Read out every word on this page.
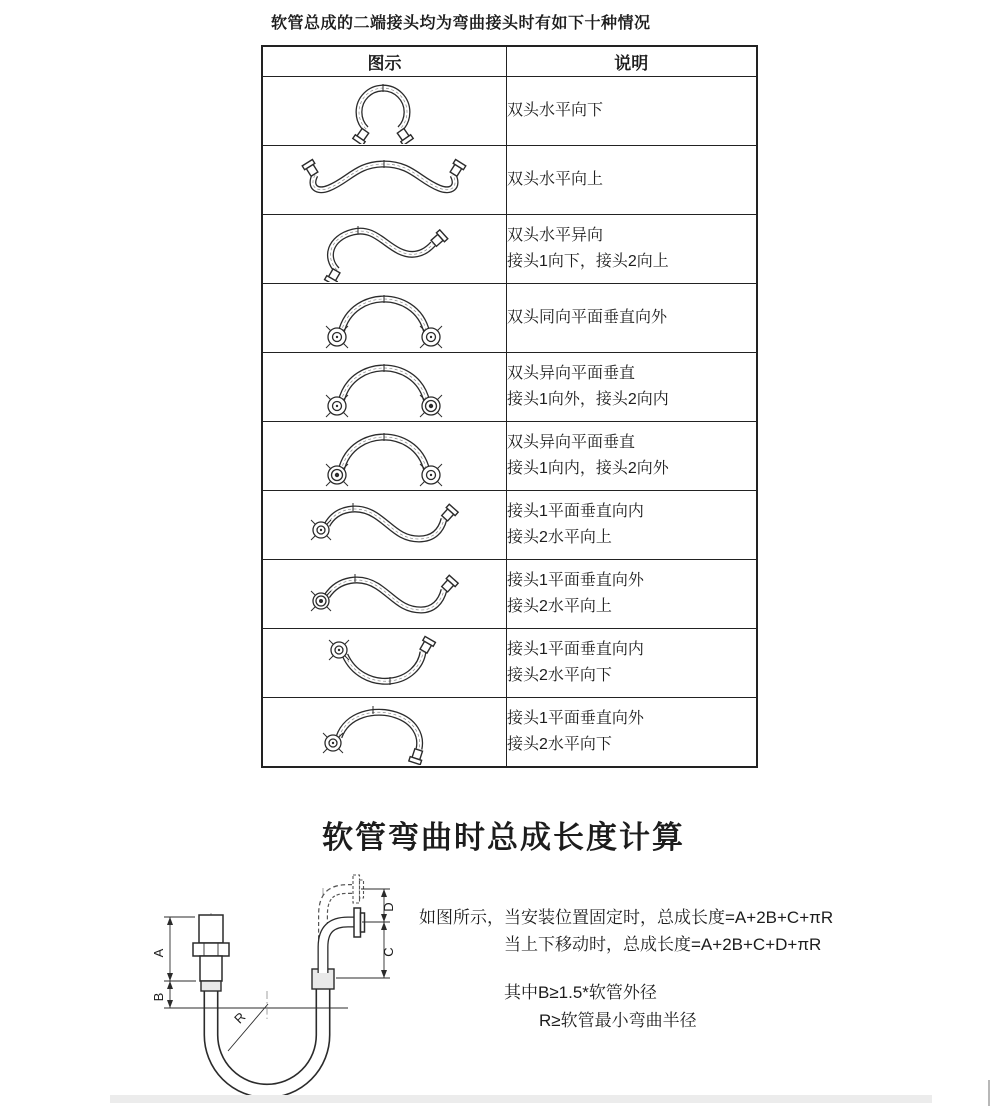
软管总成的二端接头均为弯曲接头时有如下十种情况
图示	说明

双头水平向下

双头水平向上

双头水平异向
接头1向下，接头2向上

双头同向平面垂直向外

双头异向平面垂直
接头1向外，接头2向内

双头异向平面垂直
接头1向内，接头2向外

接头1平面垂直向内
接头2水平向上

接头1平面垂直向外
接头2水平向上

接头1平面垂直向内
接头2水平向下

接头1平面垂直向外
接头2水平向下
软管弯曲时总成长度计算
A
B
D
C
R
如图所示，当安装位置固定时，总成长度=A+2B+C+πR
当上下移动时，总成长度=A+2B+C+D+πR
其中B≥1.5*软管外径
R≥软管最小弯曲半径
